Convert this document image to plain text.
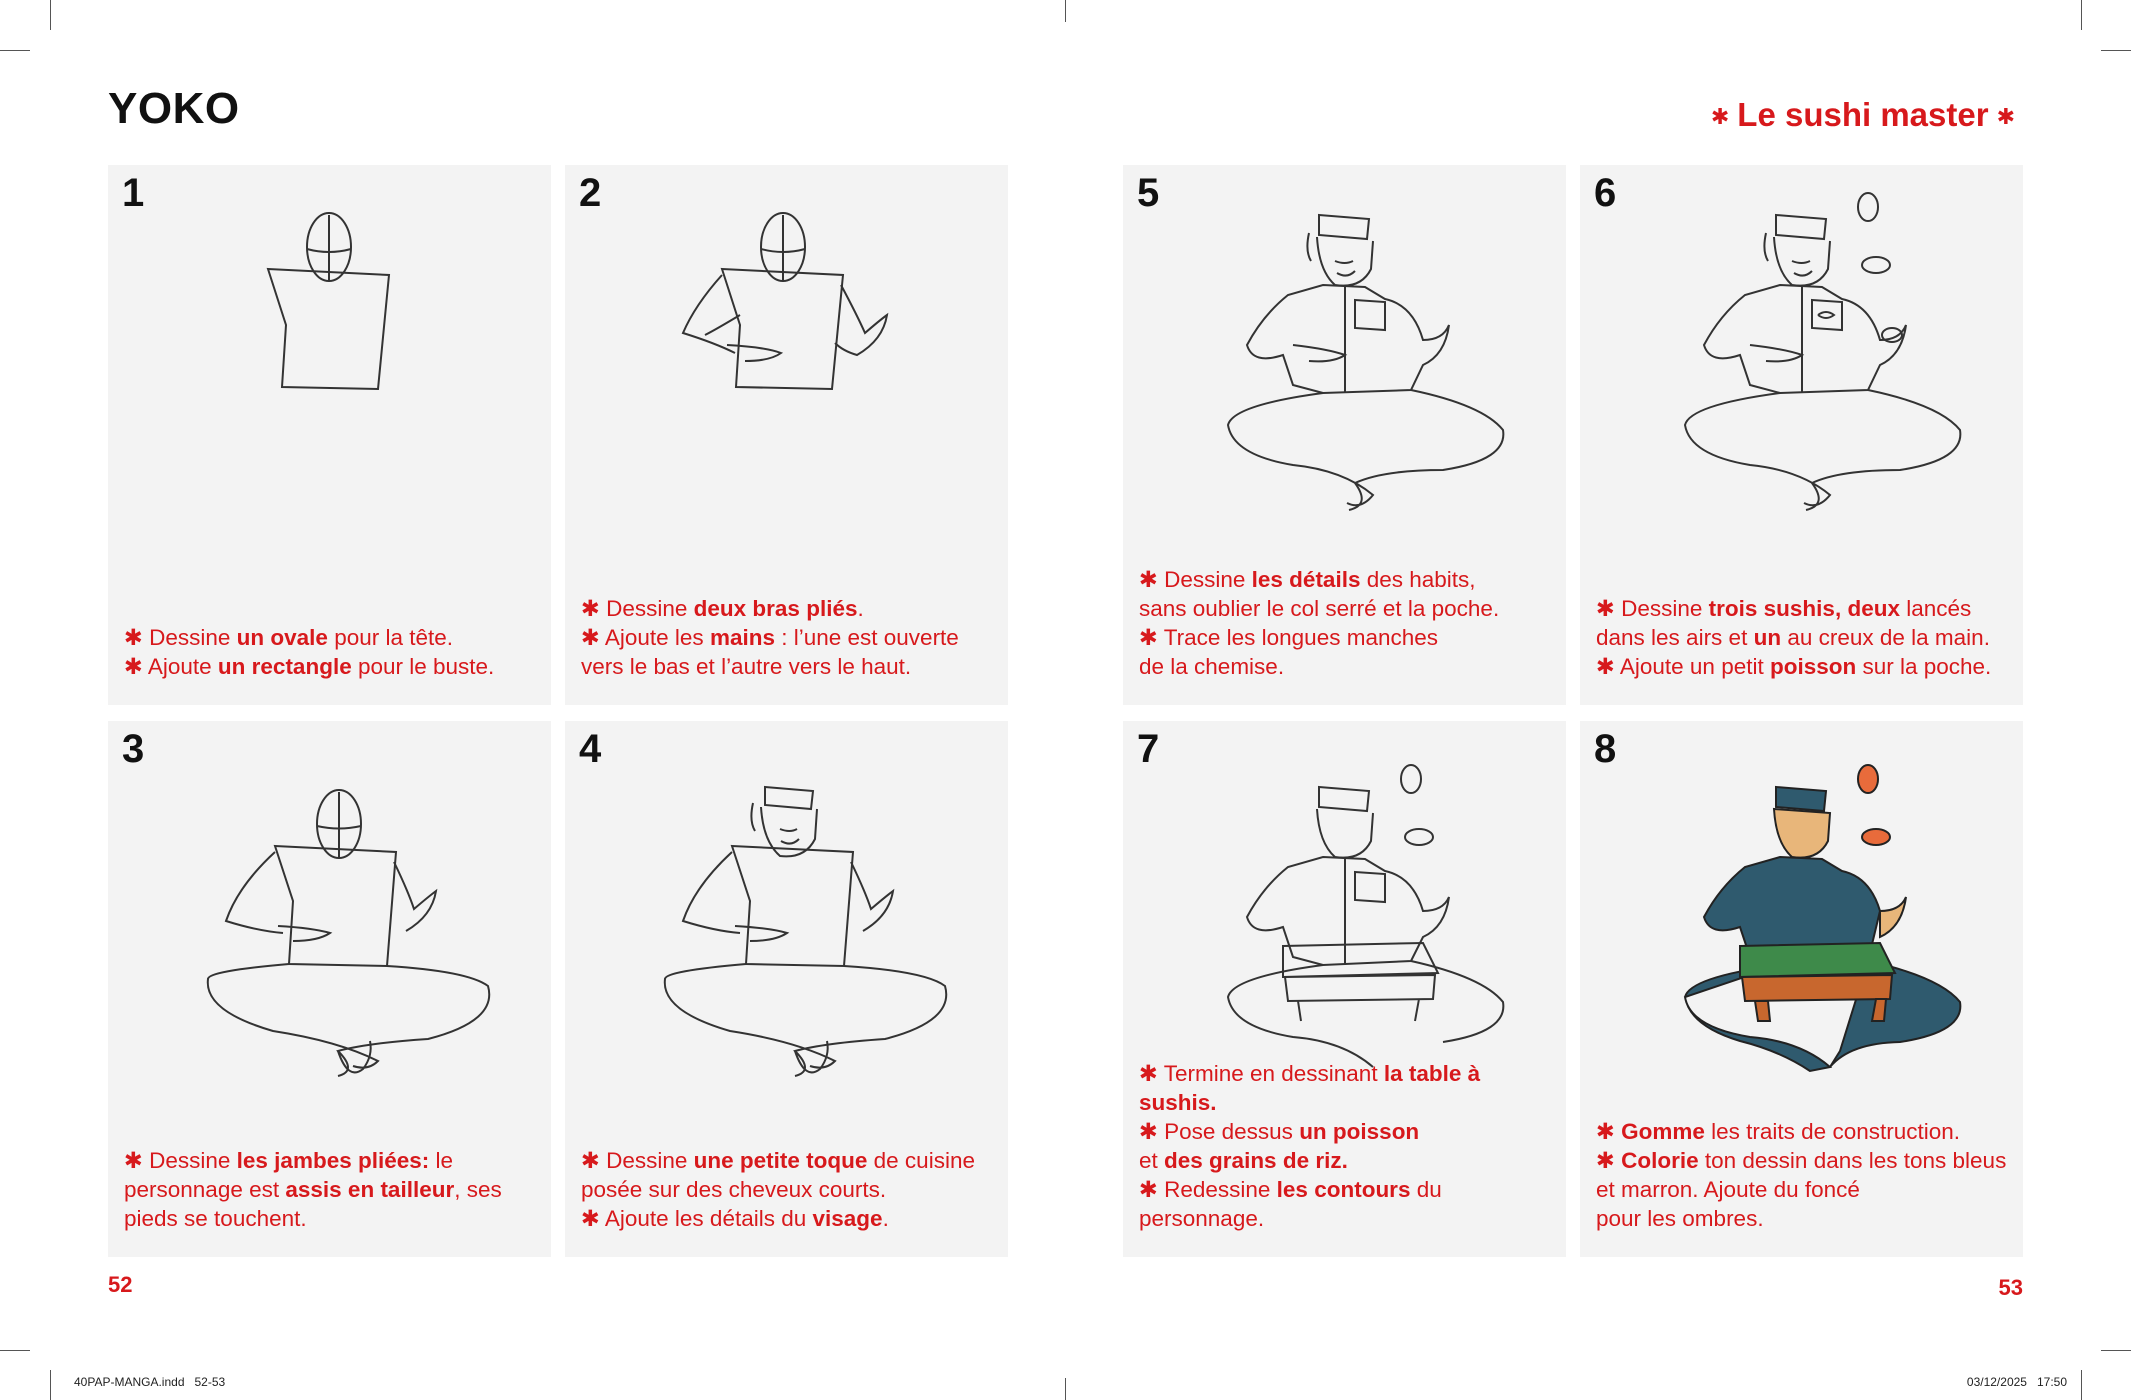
YOKO	✱ Le sushi master ✱
1

✱ Dessine un ovale pour la tête.

✱ Ajoute un rectangle pour le buste.

2

✱ Dessine deux bras pliés.

✱ Ajoute les mains : l’une est ouverte

vers le bas et l’autre vers le haut.

3

✱ Dessine les jambes pliées: le

personnage est assis en tailleur, ses

pieds se touchent.

4

✱ Dessine une petite toque de cuisine

posée sur des cheveux courts.

✱ Ajoute les détails du visage.

5

✱ Dessine les détails des habits,

sans oublier le col serré et la poche.

✱ Trace les longues manches

de la chemise.

6

✱ Dessine trois sushis, deux lancés

dans les airs et un au creux de la main.

✱ Ajoute un petit poisson sur la poche.

7

✱ Termine en dessinant la table à sushis.

✱ Pose dessus un poisson

et des grains de riz.

✱ Redessine les contours du

personnage.

8

✱ Gomme les traits de construction.

✱ Colorie ton dessin dans les tons bleus

et marron. Ajoute du foncé

pour les ombres.

52	53
40PAP-MANGA.indd   52-53	03/12/2025   17:50
